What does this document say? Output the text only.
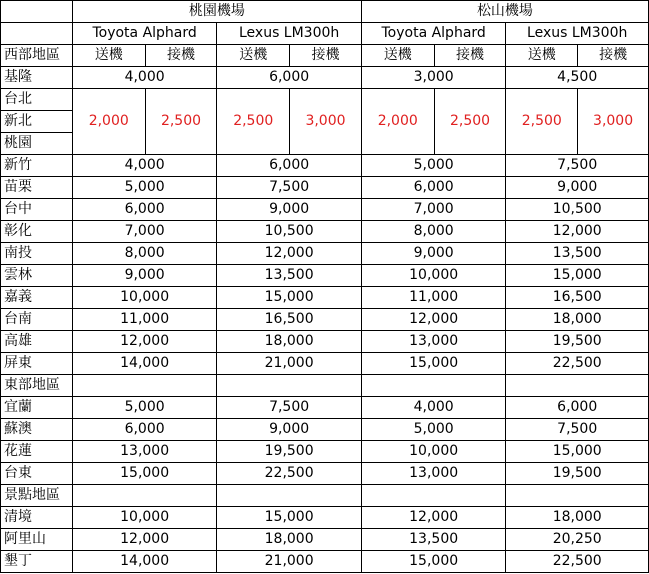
	桃園機場				松山機場			
	Toyota Alphard		Lexus LM300h		Toyota Alphard		Lexus LM300h	
西部地區	送機	接機	送機	接機	送機	接機	送機	接機
基隆	4,000		6,000		3,000		4,500	
台北	2,000	2,500	2,500	3,000	2,000	2,500	2,500	3,000
新北								
桃園								
新竹	4,000		6,000		5,000		7,500	
苗栗	5,000		7,500		6,000		9,000	
台中	6,000		9,000		7,000		10,500	
彰化	7,000		10,500		8,000		12,000	
南投	8,000		12,000		9,000		13,500	
雲林	9,000		13,500		10,000		15,000	
嘉義	10,000		15,000		11,000		16,500	
台南	11,000		16,500		12,000		18,000	
高雄	12,000		18,000		13,000		19,500	
屏東	14,000		21,000		15,000		22,500	
東部地區								
宜蘭	5,000		7,500		4,000		6,000	
蘇澳	6,000		9,000		5,000		7,500	
花蓮	13,000		19,500		10,000		15,000	
台東	15,000		22,500		13,000		19,500	
景點地區								
清境	10,000		15,000		12,000		18,000	
阿里山	12,000		18,000		13,500		20,250	
墾丁	14,000		21,000		15,000		22,500	
